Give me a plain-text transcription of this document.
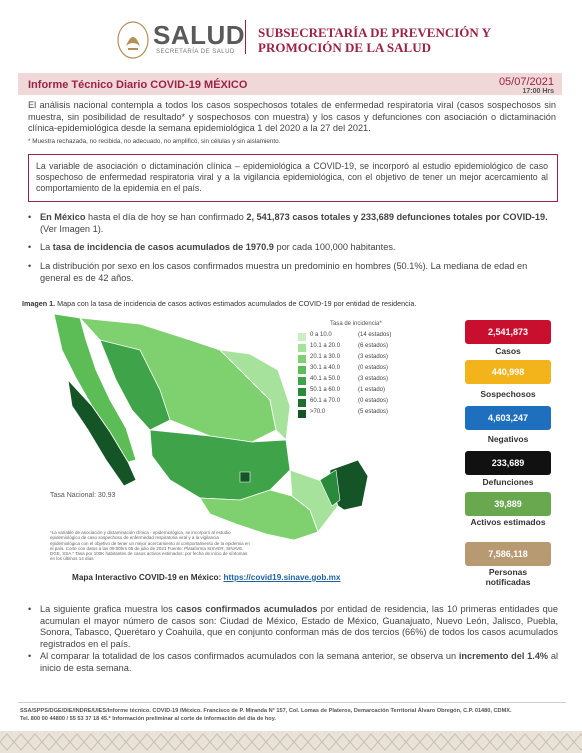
SALUD
SECRETARÍA DE SALUD
SUBSECRETARÍA DE PREVENCIÓN Y
PROMOCIÓN DE LA SALUD
Informe Técnico Diario COVID-19 MÉXICO	05/07/2021
17:00 Hrs

El análisis nacional contempla a todos los casos sospechosos totales de enfermedad respiratoria viral (casos sospechosos sin muestra, sin posibilidad de resultado* y sospechosos con muestra) y los casos y defunciones con asociación o dictaminación clínica-epidemiológica desde la semana epidemiológica 1 del 2020 a la 27 del 2021.

* Muestra rechazada, no recibida, no adecuado, no amplificó, sin células y sin aislamiento.

La variable de asociación o dictaminación clínica – epidemiológica a COVID-19, se incorporó al estudio epidemiológico de caso sospechoso de enfermedad respiratoria viral y a la vigilancia epidemiológica, con el objetivo de tener un mejor acercamiento al comportamiento de la epidemia en el país.

• En México hasta el día de hoy se han confirmado 2, 541,873 casos totales y 233,689 defunciones totales por COVID-19. (Ver Imagen 1).
• La tasa de incidencia de casos acumulados de 1970.9 por cada 100,000 habitantes.
• La distribución por sexo en los casos confirmados muestra un predominio en hombres (50.1%). La mediana de edad en general es de 42 años.
Imagen 1. Mapa con la tasa de incidencia de casos activos estimados acumulados de COVID-19 por entidad de residencia.
Tasa de incidencia*
0 a 10.0	(14 estados)
10.1 a 20.0	(6 estados)
20.1 a 30.0	(3 estados)
30.1 a 40.0	(0 estados)
40.1 a 50.0	(3 estados)
50.1 a 60.0	(1 estado)
60.1 a 70.0	(0 estados)
>70.0	(5 estados)
Tasa Nacional: 30.93
*La variable de asociación y dictaminación clínica - epidemiológica, se incorporó al estudio epidemiológico de caso sospechoso de enfermedad respiratoria viral y a la vigilancia epidemiológica con el objetivo de tener un mejor acercamiento al comportamiento de la epidemia en el país. Corte con datos a las 09:00hrs 05 de julio de 2021 Fuente: Plataforma SISVER, SINAVE, DGE, SSA * Tasa por 100K habitantes de casos activos estimados: por fecha de inicio de síntomas en los últimos 14 días
Mapa Interactivo COVID-19 en México: https://covid19.sinave.gob.mx
2,541,873
Casos
440,998
Sospechosos
4,603,247
Negativos
233,689
Defunciones
39,889
Activos estimados
7,586,118
Personas notificadas
• La siguiente grafica muestra los casos confirmados acumulados por entidad de residencia, las 10 primeras entidades que acumulan el mayor número de casos son: Ciudad de México, Estado de México, Guanajuato, Nuevo León, Jalisco, Puebla, Sonora, Tabasco, Querétaro y Coahuila, que en conjunto conforman más de dos tercios (66%) de todos los casos acumulados registrados en el país.

• Al comparar la totalidad de los casos confirmados acumulados con la semana anterior, se observa un incremento del 1.4% al inicio de esta semana.

SSA/SPPS/DGE/DIE/INDRE/UIES/Informe técnico. COVID-19 /México. Francisco de P. Miranda N° 157, Col. Lomas de Plateros, Demarcación Territorial Álvaro Obregón, C.P. 01480, CDMX.
Tel. 800 00 44800 / 55 53 37 18 45.* Información preliminar al corte de información del día de hoy.
